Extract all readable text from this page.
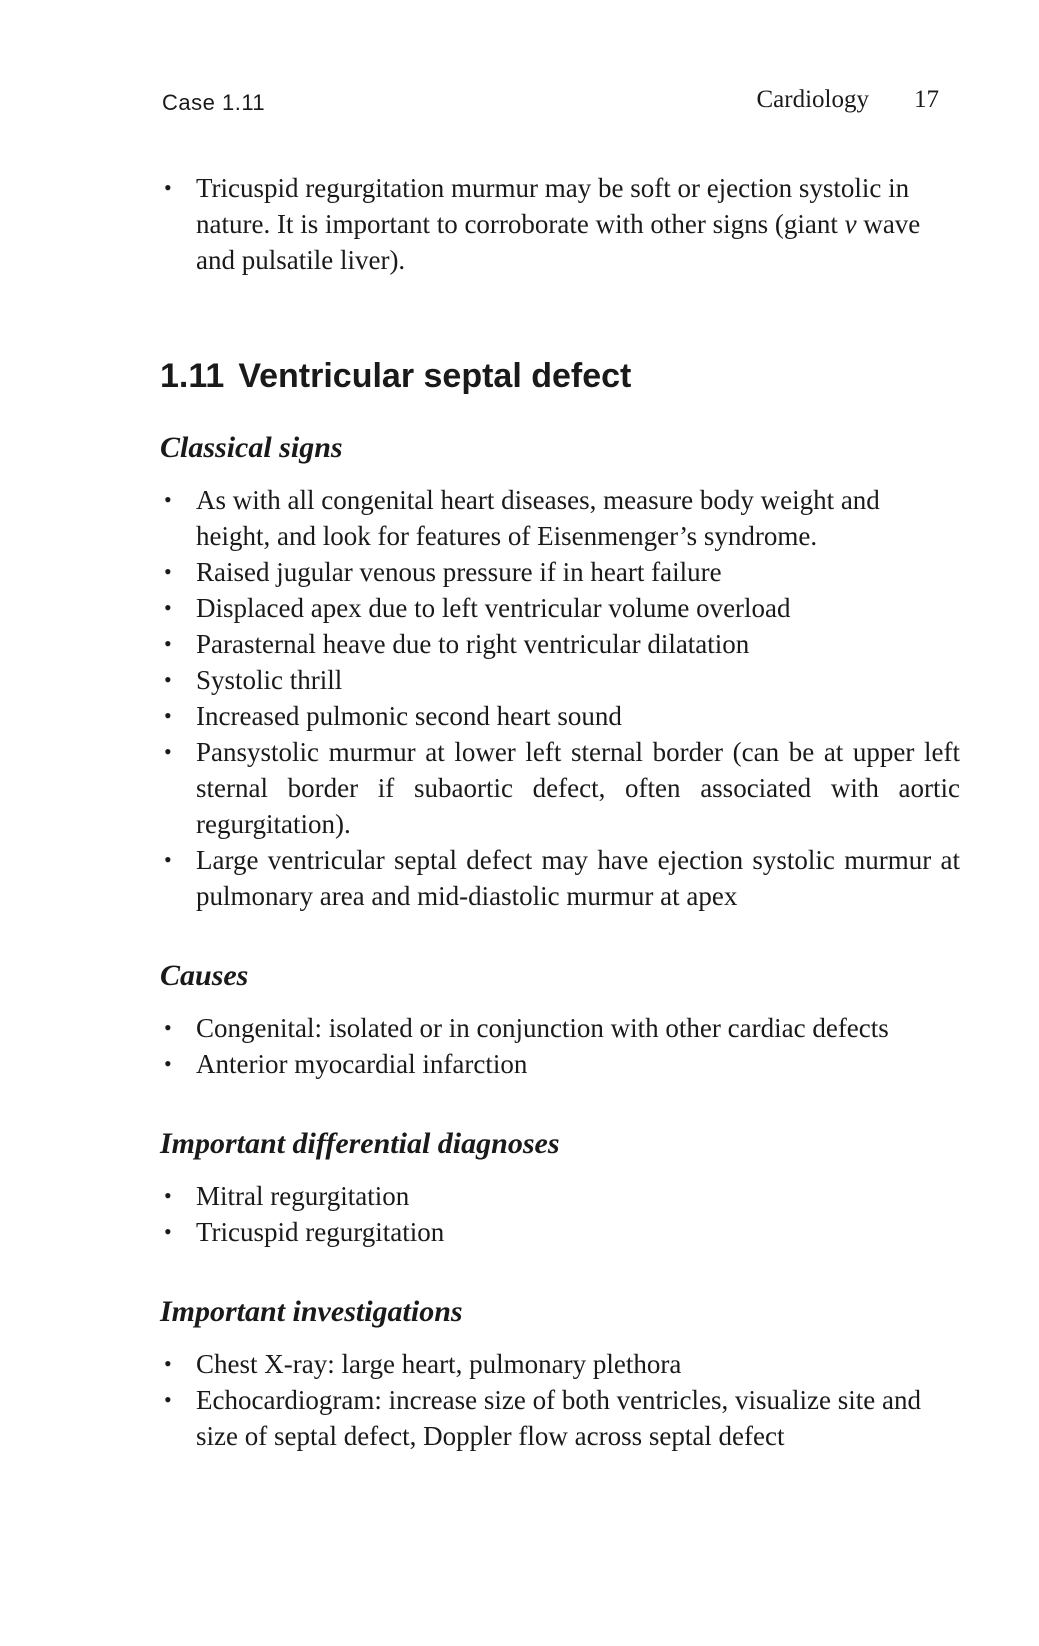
Case 1.11	Cardiology 17
• Tricuspid regurgitation murmur may be soft or ejection systolic in nature. It is important to corroborate with other signs (giant v wave and pulsatile liver).
1.11 Ventricular septal defect
Classical signs
• As with all congenital heart diseases, measure body weight and height, and look for features of Eisenmenger’s syndrome.
• Raised jugular venous pressure if in heart failure
• Displaced apex due to left ventricular volume overload
• Parasternal heave due to right ventricular dilatation
• Systolic thrill
• Increased pulmonic second heart sound
• Pansystolic murmur at lower left sternal border (can be at upper left sternal border if subaortic defect, often associated with aortic regurgitation).
• Large ventricular septal defect may have ejection systolic murmur at pulmonary area and mid-diastolic murmur at apex
Causes
• Congenital: isolated or in conjunction with other cardiac defects
• Anterior myocardial infarction
Important differential diagnoses
• Mitral regurgitation
• Tricuspid regurgitation
Important investigations
• Chest X-ray: large heart, pulmonary plethora
• Echocardiogram: increase size of both ventricles, visualize site and size of septal defect, Doppler flow across septal defect
